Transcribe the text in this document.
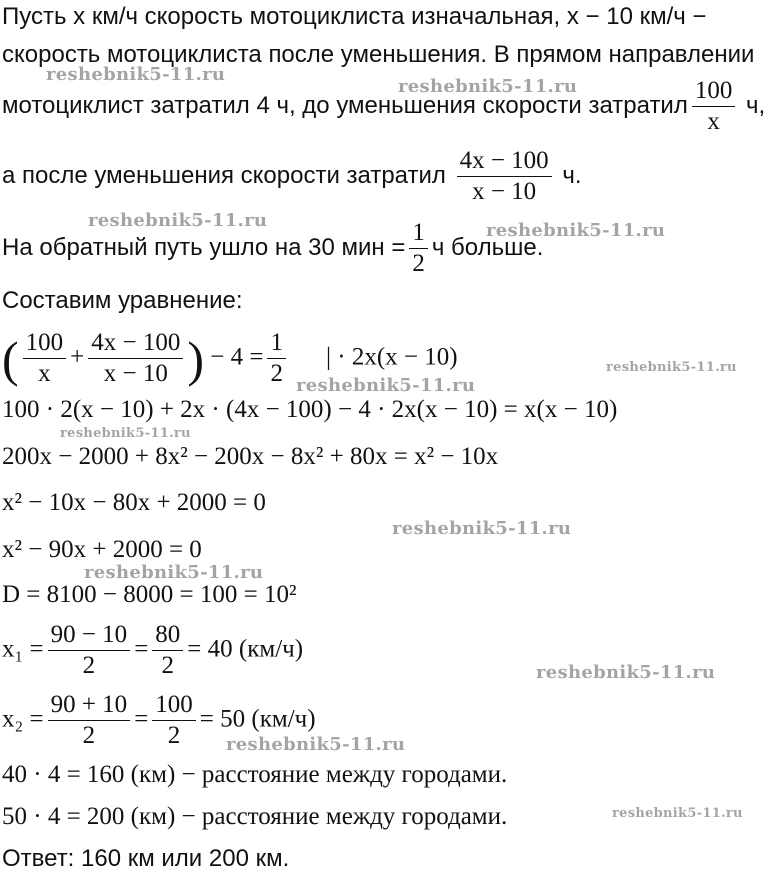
Пусть x км/ч скорость мотоциклиста изначальная, x − 10 км/ч −
скорость мотоциклиста после уменьшения. В прямом направлении
мотоциклист затратил 4 ч, до уменьшения скорости затратил $\frac{100}{x} ч$,
а после уменьшения скорости затратил $\frac{4x - 100}{x - 10} ч$.
На обратный путь ушло на 30 мин = $\frac{1}{2}$ ч больше.
Составим уравнение:
( $\frac{100}{x} + \frac{4x - 100}{x - 10}$ ) − $4 = \frac{1}{2}$ | · 2x(x − 10)
100 · 2(x − 10) + 2x · (4x − 100) − 4 · 2x(x − 10) = x(x − 10)
200x − 2000 + 8x² − 200x − 8x² + 80x = x² − 10x
x² − 10x − 80x + 2000 = 0
x² − 90x + 2000 = 0
D = 8100 − 8000 = 100 = 10²
$x_1 = \frac{90 - 10}{2} = \frac{80}{2} = 40$ (км/ч)
$x_2 = \frac{90 + 10}{2} = \frac{100}{2} = 50$ (км/ч)
40 · 4 = 160 (км) − расстояние между городами.
50 · 4 = 200 (км) − расстояние между городами.
Ответ: 160 км или 200 км.
reshebnik5-11.ru
reshebnik5-11.ru
reshebnik5-11.ru	reshebnik5-11.ru
reshebnik5-11.ru
reshebnik5-11.ru
reshebnik5-11.ru
reshebnik5-11.ru
reshebnik5-11.ru
reshebnik5-11.ru
reshebnik5-11.ru
reshebnik5-11.ru
